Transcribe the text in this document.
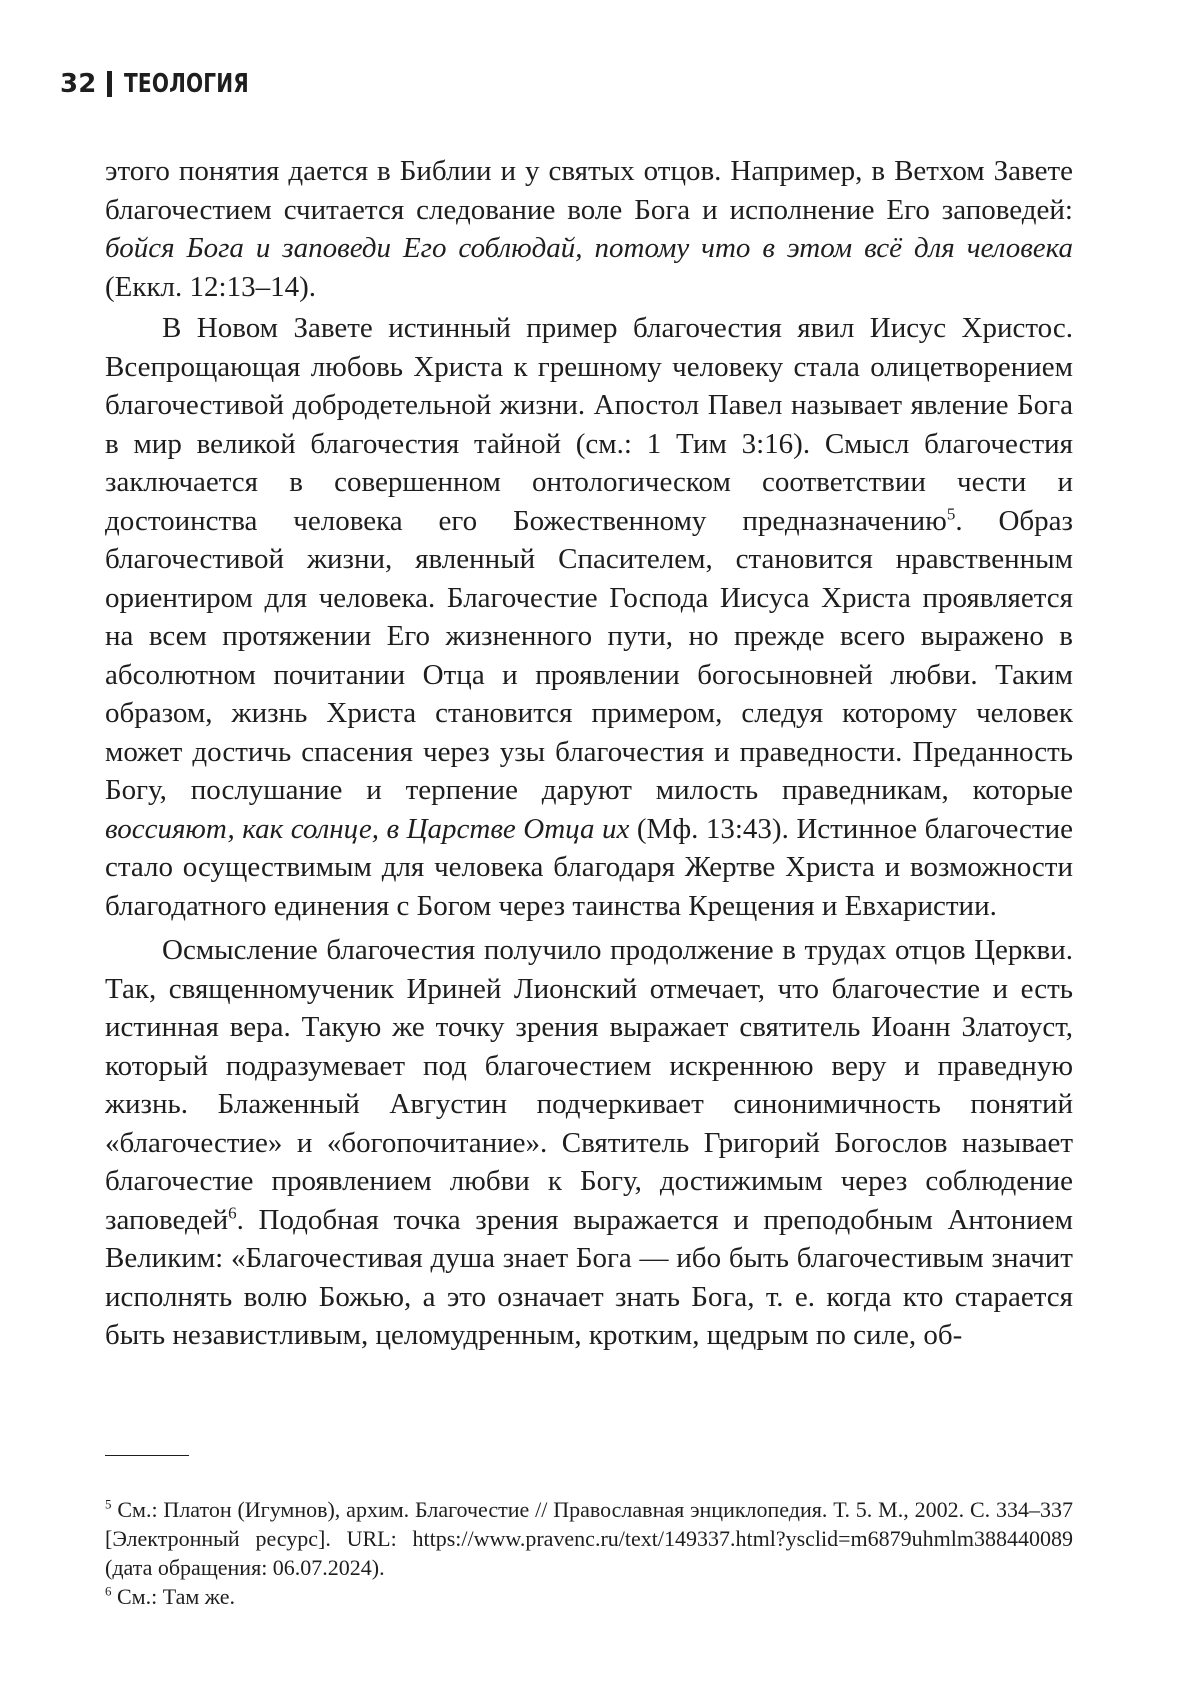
32 ТЕОЛОГИЯ

этого понятия дается в Библии и у святых отцов. Например, в Ветхом Завете благочестием считается следование воле Бога и исполнение Его заповедей: бойся Бога и заповеди Его соблюдай, потому что в этом всё для человека (Еккл. 12:13–14).

В Новом Завете истинный пример благочестия явил Иисус Христос. Всепрощающая любовь Христа к грешному человеку стала олицетворением благочестивой добродетельной жизни. Апостол Павел называет явление Бога в мир великой благочестия тайной (см.: 1 Тим 3:16). Смысл благочестия заключается в совершенном онтологическом соответствии чести и достоинства человека его Божественному предназначению$^5$. Образ благочестивой жизни, явленный Спасителем, становится нравственным ориентиром для человека. Благочестие Господа Иисуса Христа проявляется на всем протяжении Его жизненного пути, но прежде всего выражено в абсолютном почитании Отца и проявлении богосыновней любви. Таким образом, жизнь Христа становится примером, следуя которому человек может достичь спасения через узы благочестия и праведности. Преданность Богу, послушание и терпение даруют милость праведникам, которые воссияют, как солнце, в Царстве Отца их (Мф. 13:43). Истинное благочестие стало осуществимым для человека благодаря Жертве Христа и возможности благодатного единения с Богом через таинства Крещения и Евхаристии.

Осмысление благочестия получило продолжение в трудах отцов Церкви. Так, священномученик Ириней Лионский отмечает, что благочестие и есть истинная вера. Такую же точку зрения выражает святитель Иоанн Златоуст, который подразумевает под благочестием искреннюю веру и праведную жизнь. Блаженный Августин подчеркивает синонимичность понятий «благочестие» и «богопочитание». Святитель Григорий Богослов называет благочестие проявлением любви к Богу, достижимым через соблюдение заповедей$^6$. Подобная точка зрения выражается и преподобным Антонием Великим: «Благочестивая душа знает Бога — ибо быть благочестивым значит исполнять волю Божью, а это означает знать Бога, т. е. когда кто старается быть независтливым, целомудренным, кротким, щедрым по силе, об-

$^5$ См.: Платон (Игумнов), архим. Благочестие // Православная энциклопедия. Т. 5. М., 2002. С. 334–337 [Электронный ресурс]. URL: https://www.pravenc.ru/text/149337.html?ysclid=m6879uhmlm388440089 (дата обращения: 06.07.2024).

$^6$ См.: Там же.
